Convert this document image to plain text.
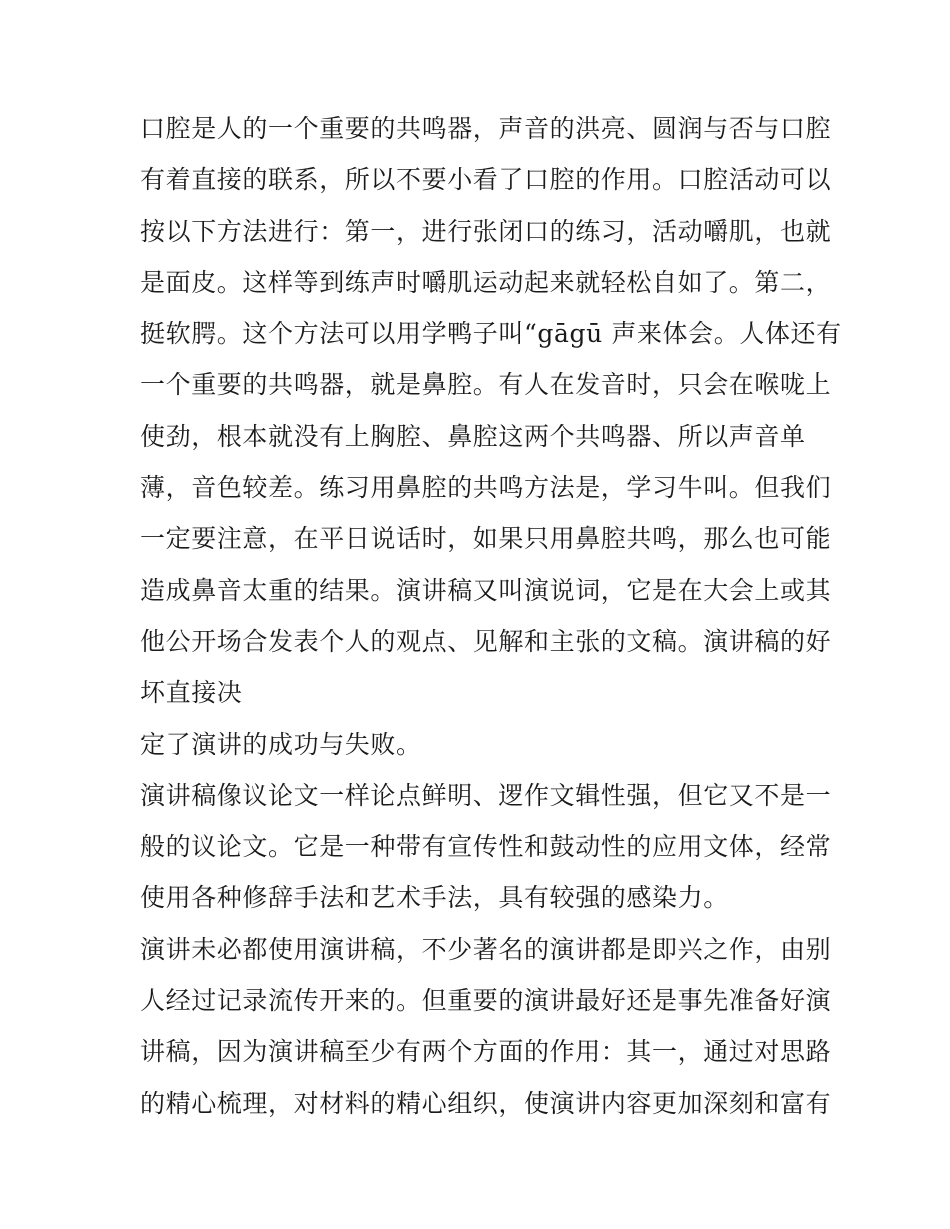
口腔是人的一个重要的共鸣器，声音的洪亮、圆润与否与口腔
有着直接的联系，所以不要小看了口腔的作用。口腔活动可以
按以下方法进行：第一，进行张闭口的练习，活动嚼肌，也就
是面皮。这样等到练声时嚼肌运动起来就轻松自如了。第二，
挺软腭。这个方法可以用学鸭子叫“gāgū 声来体会。人体还有
一个重要的共鸣器，就是鼻腔。有人在发音时，只会在喉咙上
使劲，根本就没有上胸腔、鼻腔这两个共鸣器、所以声音单
薄，音色较差。练习用鼻腔的共鸣方法是，学习牛叫。但我们
一定要注意，在平日说话时，如果只用鼻腔共鸣，那么也可能
造成鼻音太重的结果。演讲稿又叫演说词，它是在大会上或其
他公开场合发表个人的观点、见解和主张的文稿。演讲稿的好
坏直接决
定了演讲的成功与失败。
演讲稿像议论文一样论点鲜明、逻作文辑性强，但它又不是一
般的议论文。它是一种带有宣传性和鼓动性的应用文体，经常
使用各种修辞手法和艺术手法，具有较强的感染力。
演讲未必都使用演讲稿，不少著名的演讲都是即兴之作，由别
人经过记录流传开来的。但重要的演讲最好还是事先准备好演
讲稿，因为演讲稿至少有两个方面的作用：其一，通过对思路
的精心梳理，对材料的精心组织，使演讲内容更加深刻和富有
